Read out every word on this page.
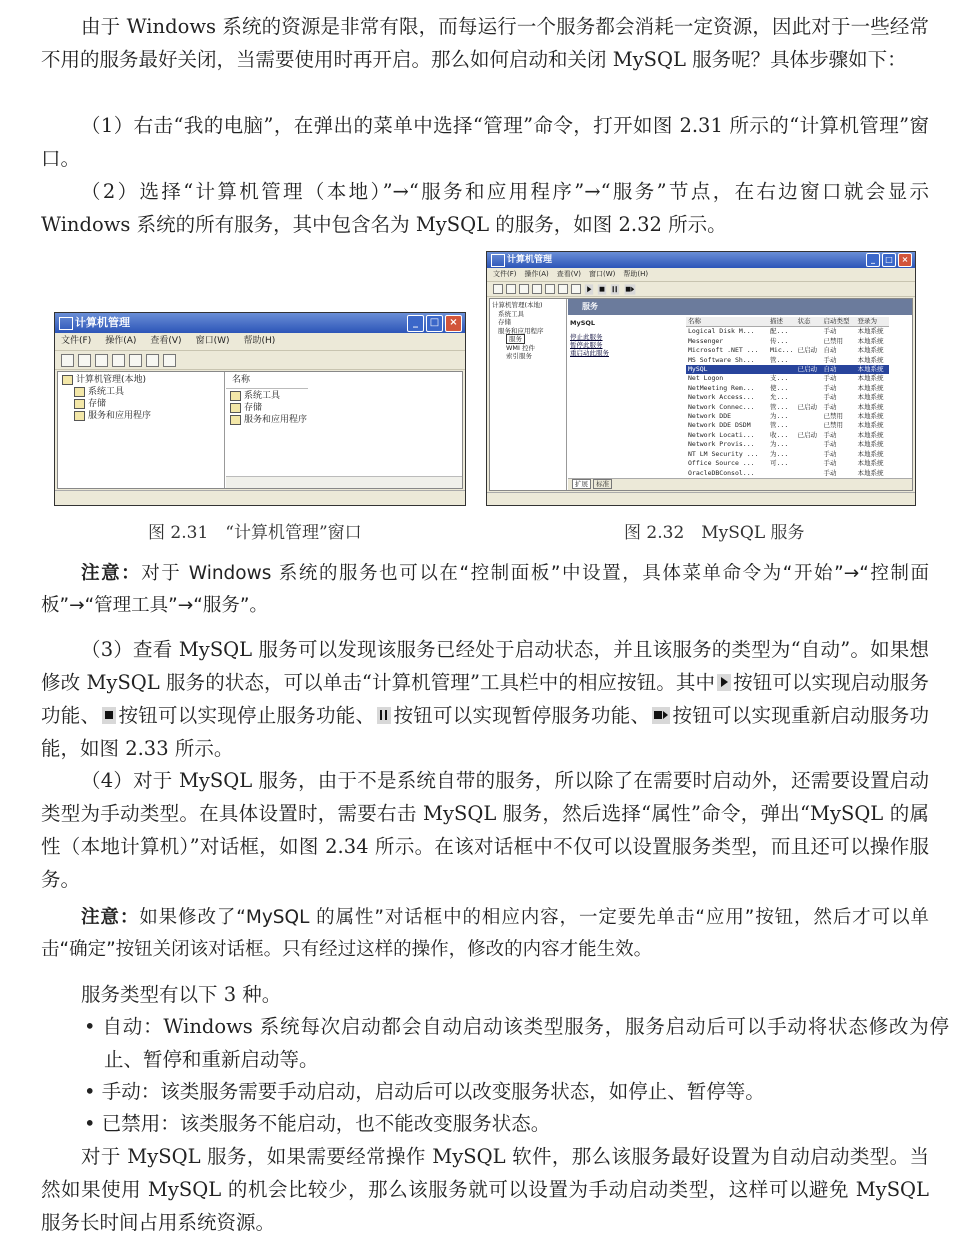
由于 Windows 系统的资源是非常有限，而每运行一个服务都会消耗一定资源，因此对于一些经常不用的服务最好关闭，当需要使用时再开启。那么如何启动和关闭 MySQL 服务呢？具体步骤如下：

（1）右击“我的电脑”，在弹出的菜单中选择“管理”命令，打开如图 2.31 所示的“计算机管理”窗口。

（2）选择“计算机管理（本地）”→“服务和应用程序”→“服务”节点，在右边窗口就会显示 Windows 系统的所有服务，其中包含名为 MySQL 的服务，如图 2.32 所示。

计算机管理	_	□	×
文件(F) 操作(A) 查看(V) 窗口(W) 帮助(H)
计算机管理(本地)
系统工具
存储
服务和应用程序
名称
系统工具
存储
服务和应用程序
图 2.31　“计算机管理”窗口
计算机管理	_	□	×
文件(F) 操作(A) 查看(V) 窗口(W) 帮助(H)
计算机管理(本地)
系统工具
存储
服务和应用程序
服务
WMI 控件
索引服务
服务
MySQL
停止此服务
暂停此服务
重启动此服务
名称	描述	状态	启动类型	登录为
Logical Disk M...	配...		手动	本地系统
Messenger	传...		已禁用	本地系统
Microsoft .NET ...	Mic...	已启动	自动	本地系统
MS Software Sh...	管...		手动	本地系统
MySQL		已启动	自动	本地系统
Net Logon	支...		手动	本地系统
NetMeeting Rem...	使...		手动	本地系统
Network Access...	允...		手动	本地系统
Network Connec...	管...	已启动	手动	本地系统
Network DDE	为...		已禁用	本地系统
Network DDE DSDM	管...		已禁用	本地系统
Network Locati...	收...	已启动	手动	本地系统
Network Provis...	为...		手动	本地系统
NT LM Security ...	为...		手动	本地系统
Office Source ...	可...		手动	本地系统
OracleDBConsol...			手动	本地系统
扩展 标准
图 2.32　MySQL 服务

注意：对于 Windows 系统的服务也可以在“控制面板”中设置，具体菜单命令为“开始”→“控制面板”→“管理工具”→“服务”。

（3）查看 MySQL 服务可以发现该服务已经处于启动状态，并且该服务的类型为“自动”。如果想修改 MySQL 服务的状态，可以单击“计算机管理”工具栏中的相应按钮。其中 按钮可以实现启动服务功能、 按钮可以实现停止服务功能、 按钮可以实现暂停服务功能、 按钮可以实现重新启动服务功能，如图 2.33 所示。

（4）对于 MySQL 服务，由于不是系统自带的服务，所以除了在需要时启动外，还需要设置启动类型为手动类型。在具体设置时，需要右击 MySQL 服务，然后选择“属性”命令，弹出“MySQL 的属性（本地计算机）”对话框，如图 2.34 所示。在该对话框中不仅可以设置服务类型，而且还可以操作服务。

注意：如果修改了“MySQL 的属性”对话框中的相应内容，一定要先单击“应用”按钮，然后才可以单击“确定”按钮关闭该对话框。只有经过这样的操作，修改的内容才能生效。

服务类型有以下 3 种。

• 自动：Windows 系统每次启动都会自动启动该类型服务，服务启动后可以手动将状态修改为停止、暂停和重新启动等。

• 手动：该类服务需要手动启动，启动后可以改变服务状态，如停止、暂停等。

• 已禁用：该类服务不能启动，也不能改变服务状态。

对于 MySQL 服务，如果需要经常操作 MySQL 软件，那么该服务最好设置为自动启动类型。当然如果使用 MySQL 的机会比较少，那么该服务就可以设置为手动启动类型，这样可以避免 MySQL 服务长时间占用系统资源。
